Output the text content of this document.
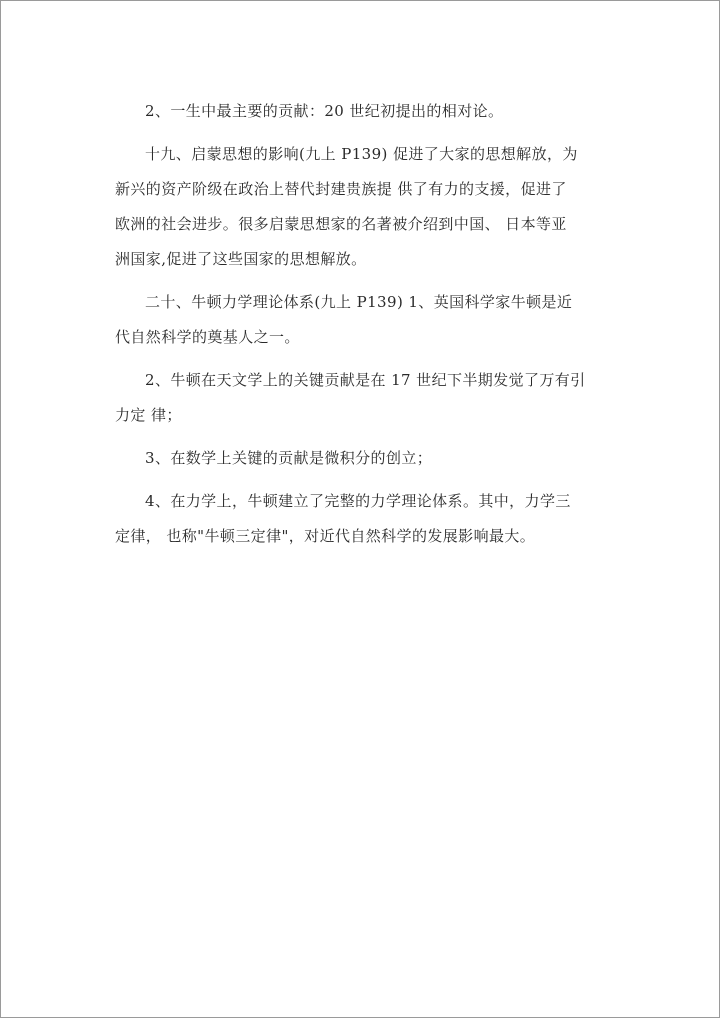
2、一生中最主要的贡献：20 世纪初提出的相对论。

十九、启蒙思想的影响(九上 P139) 促进了大家的思想解放，为
新兴的资产阶级在政治上替代封建贵族提 供了有力的支援，促进了
欧洲的社会进步。很多启蒙思想家的名著被介绍到中国、 日本等亚
洲国家,促进了这些国家的思想解放。

二十、牛顿力学理论体系(九上 P139) 1、英国科学家牛顿是近
代自然科学的奠基人之一。

2、牛顿在天文学上的关键贡献是在 17 世纪下半期发觉了万有引
力定 律；

3、在数学上关键的贡献是微积分的创立；

4、在力学上，牛顿建立了完整的力学理论体系。其中，力学三
定律， 也称"牛顿三定律"，对近代自然科学的发展影响最大。
